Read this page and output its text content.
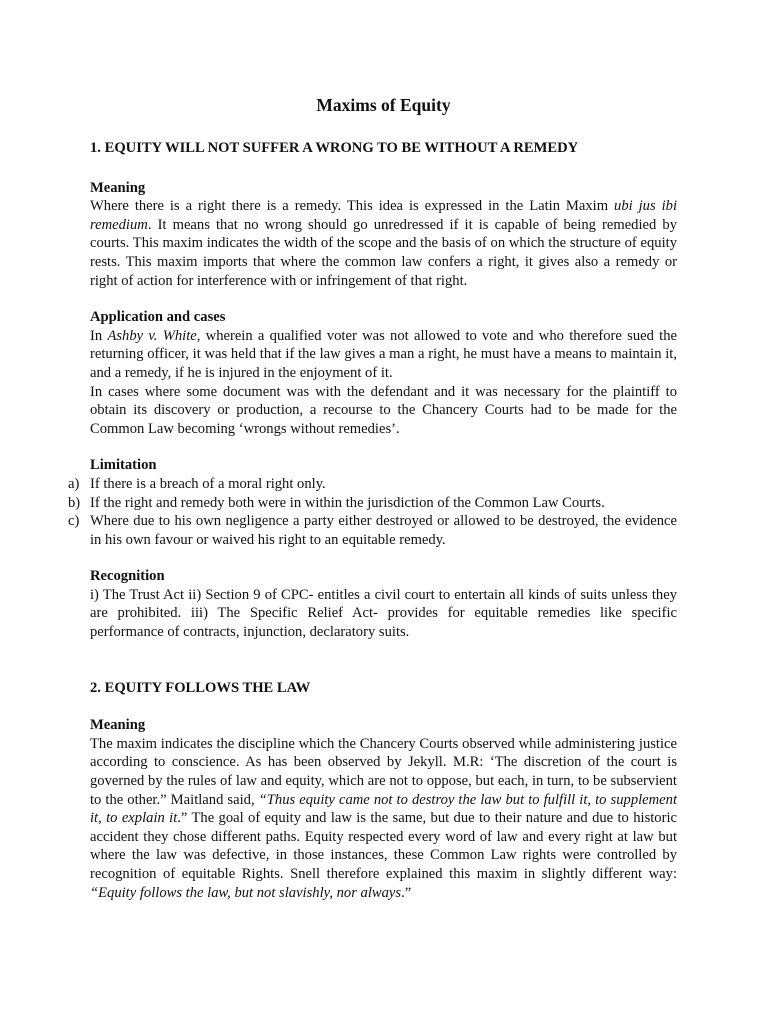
Maxims of Equity
1. EQUITY WILL NOT SUFFER A WRONG TO BE WITHOUT A REMEDY
Meaning

Where there is a right there is a remedy. This idea is expressed in the Latin Maxim ubi jus ibi remedium. It means that no wrong should go unredressed if it is capable of being remedied by courts. This maxim indicates the width of the scope and the basis of on which the structure of equity rests. This maxim imports that where the common law confers a right, it gives also a remedy or right of action for interference with or infringement of that right.

Application and cases

In Ashby v. White, wherein a qualified voter was not allowed to vote and who therefore sued the returning officer, it was held that if the law gives a man a right, he must have a means to maintain it, and a remedy, if he is injured in the enjoyment of it.

In cases where some document was with the defendant and it was necessary for the plaintiff to obtain its discovery or production, a recourse to the Chancery Courts had to be made for the Common Law becoming ‘wrongs without remedies’.

Limitation
a) If there is a breach of a moral right only.
b) If the right and remedy both were in within the jurisdiction of the Common Law Courts.
c) Where due to his own negligence a party either destroyed or allowed to be destroyed, the evidence in his own favour or waived his right to an equitable remedy.
Recognition

i) The Trust Act ii) Section 9 of CPC- entitles a civil court to entertain all kinds of suits unless they are prohibited. iii) The Specific Relief Act- provides for equitable remedies like specific performance of contracts, injunction, declaratory suits.

2. EQUITY FOLLOWS THE LAW
Meaning

The maxim indicates the discipline which the Chancery Courts observed while administering justice according to conscience. As has been observed by Jekyll. M.R: ‘The discretion of the court is governed by the rules of law and equity, which are not to oppose, but each, in turn, to be subservient to the other.” Maitland said, “Thus equity came not to destroy the law but to fulfill it, to supplement it, to explain it.” The goal of equity and law is the same, but due to their nature and due to historic accident they chose different paths. Equity respected every word of law and every right at law but where the law was defective, in those instances, these Common Law rights were controlled by recognition of equitable Rights. Snell therefore explained this maxim in slightly different way: “Equity follows the law, but not slavishly, nor always.”
